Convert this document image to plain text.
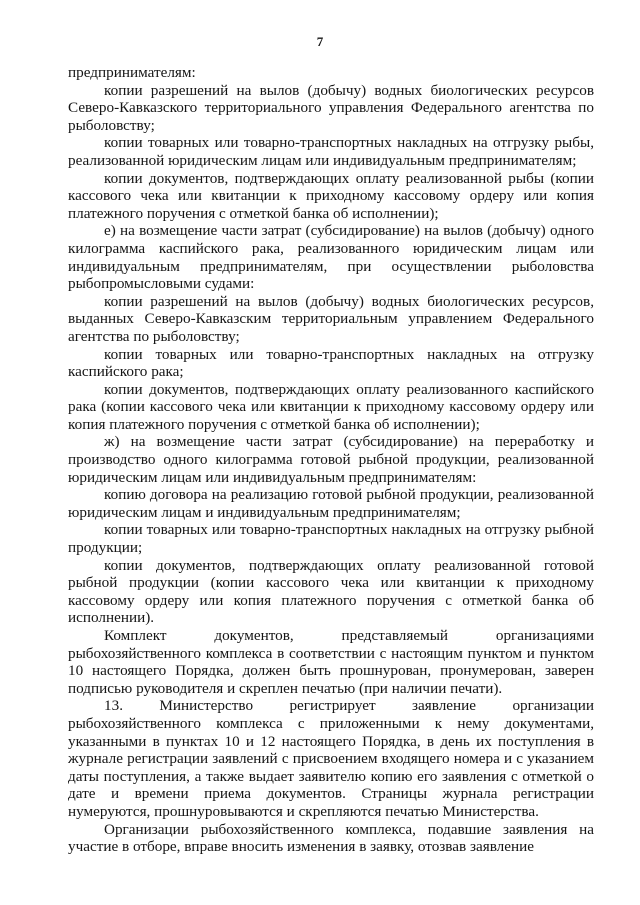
7

предпринимателям:

копии разрешений на вылов (добычу) водных биологических ресурсов Северо-Кавказского территориального управления Федерального агентства по рыболовству;

копии товарных или товарно-транспортных накладных на отгрузку рыбы, реализованной юридическим лицам или индивидуальным предпринимателям;

копии документов, подтверждающих оплату реализованной рыбы (копии кассового чека или квитанции к приходному кассовому ордеру или копия платежного поручения с отметкой банка об исполнении);

е) на возмещение части затрат (субсидирование) на вылов (добычу) одного килограмма каспийского рака, реализованного юридическим лицам или индивидуальным предпринимателям, при осуществлении рыболовства рыбопромысловыми судами:

копии разрешений на вылов (добычу) водных биологических ресурсов, выданных Северо-Кавказским территориальным управлением Федерального агентства по рыболовству;

копии товарных или товарно-транспортных накладных на отгрузку каспийского рака;

копии документов, подтверждающих оплату реализованного каспийского рака (копии кассового чека или квитанции к приходному кассовому ордеру или копия платежного поручения с отметкой банка об исполнении);

ж) на возмещение части затрат (субсидирование) на переработку и производство одного килограмма готовой рыбной продукции, реализованной юридическим лицам или индивидуальным предпринимателям:

копию договора на реализацию готовой рыбной продукции, реализованной юридическим лицам и индивидуальным предпринимателям;

копии товарных или товарно-транспортных накладных на отгрузку рыбной продукции;

копии документов, подтверждающих оплату реализованной готовой рыбной продукции (копии кассового чека или квитанции к приходному кассовому ордеру или копия платежного поручения с отметкой банка об исполнении).

Комплект документов, представляемый организациями рыбохозяйственного комплекса в соответствии с настоящим пунктом и пунктом 10 настоящего Порядка, должен быть прошнурован, пронумерован, заверен подписью руководителя и скреплен печатью (при наличии печати).

13. Министерство регистрирует заявление организации рыбохозяйственного комплекса с приложенными к нему документами, указанными в пунктах 10 и 12 настоящего Порядка, в день их поступления в журнале регистрации заявлений с присвоением входящего номера и с указанием даты поступления, а также выдает заявителю копию его заявления с отметкой о дате и времени приема документов. Страницы журнала регистрации нумеруются, прошнуровываются и скрепляются печатью Министерства.

Организации рыбохозяйственного комплекса, подавшие заявления на участие в отборе, вправе вносить изменения в заявку, отозвав заявление
